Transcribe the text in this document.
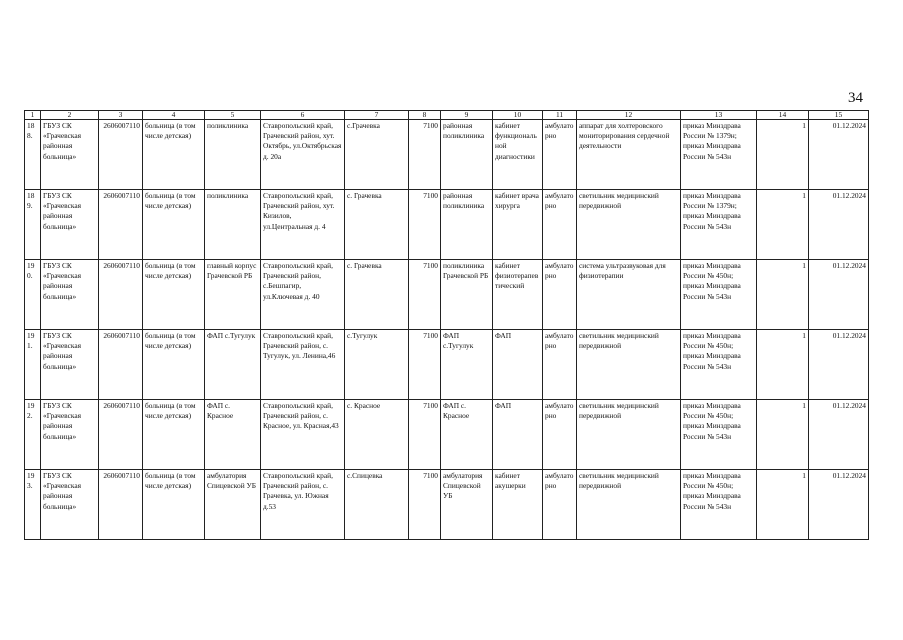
34
1	2	3	4	5	6	7	8	9	10	11	12	13	14	15
188.	ГБУЗ СК «Грачевская районная больница»	2606007110	больница (в том числе детская)	поликлиника	Ставропольский край, Грачевский район, хут. Октябрь, ул.Октябрьская д. 20а	с.Грачевка	7100	районная поликлиника	кабинет функциональной диагностики	амбулаторно	аппарат для холтеровского мониторирования сердечной деятельности	приказ Минздрава России № 1379н; приказ Минздрава России № 543н	1	01.12.2024
189.	ГБУЗ СК «Грачевская районная больница»	2606007110	больница (в том числе детская)	поликлиника	Ставропольский край, Грачевский район, хут. Кизилов, ул.Центральная д. 4	с. Грачевка	7100	районная поликлиника	кабинет врача хирурга	амбулаторно	светильник медицинский передвижной	приказ Минздрава России № 1379н; приказ Минздрава России № 543н	1	01.12.2024
190.	ГБУЗ СК «Грачевская районная больница»	2606007110	больница (в том числе детская)	главный корпус Грачевской РБ	Ставропольский край, Грачевский район, с.Бешпагир, ул.Ключевая д. 40	с. Грачевка	7100	поликлиника Грачевской РБ	кабинет физиотерапевтический	амбулаторно	система ультразвуковая для физиотерапии	приказ Минздрава России № 450н; приказ Минздрава России № 543н	1	01.12.2024
191.	ГБУЗ СК «Грачевская районная больница»	2606007110	больница (в том числе детская)	ФАП с.Тугулук	Ставропольский край, Грачевский район, с. Тугулук, ул. Ленина,46	с.Тугулук	7100	ФАП с.Тугулук	ФАП	амбулаторно	светильник медицинский передвижной	приказ Минздрава России № 450н; приказ Минздрава России № 543н	1	01.12.2024
192.	ГБУЗ СК «Грачевская районная больница»	2606007110	больница (в том числе детская)	ФАП с. Красное	Ставропольский край, Грачевский район, с. Красное, ул. Красная,43	с. Красное	7100	ФАП с. Красное	ФАП	амбулаторно	светильник медицинский передвижной	приказ Минздрава России № 450н; приказ Минздрава России № 543н	1	01.12.2024
193.	ГБУЗ СК «Грачевская районная больница»	2606007110	больница (в том числе детская)	амбулатория Спицевской УБ	Ставропольский край, Грачевский район, с. Грачевка, ул. Южная д.53	с.Спицевка	7100	амбулатория Спицевской УБ	кабинет акушерки	амбулаторно	светильник медицинский передвижной	приказ Минздрава России № 450н; приказ Минздрава России № 543н	1	01.12.2024
